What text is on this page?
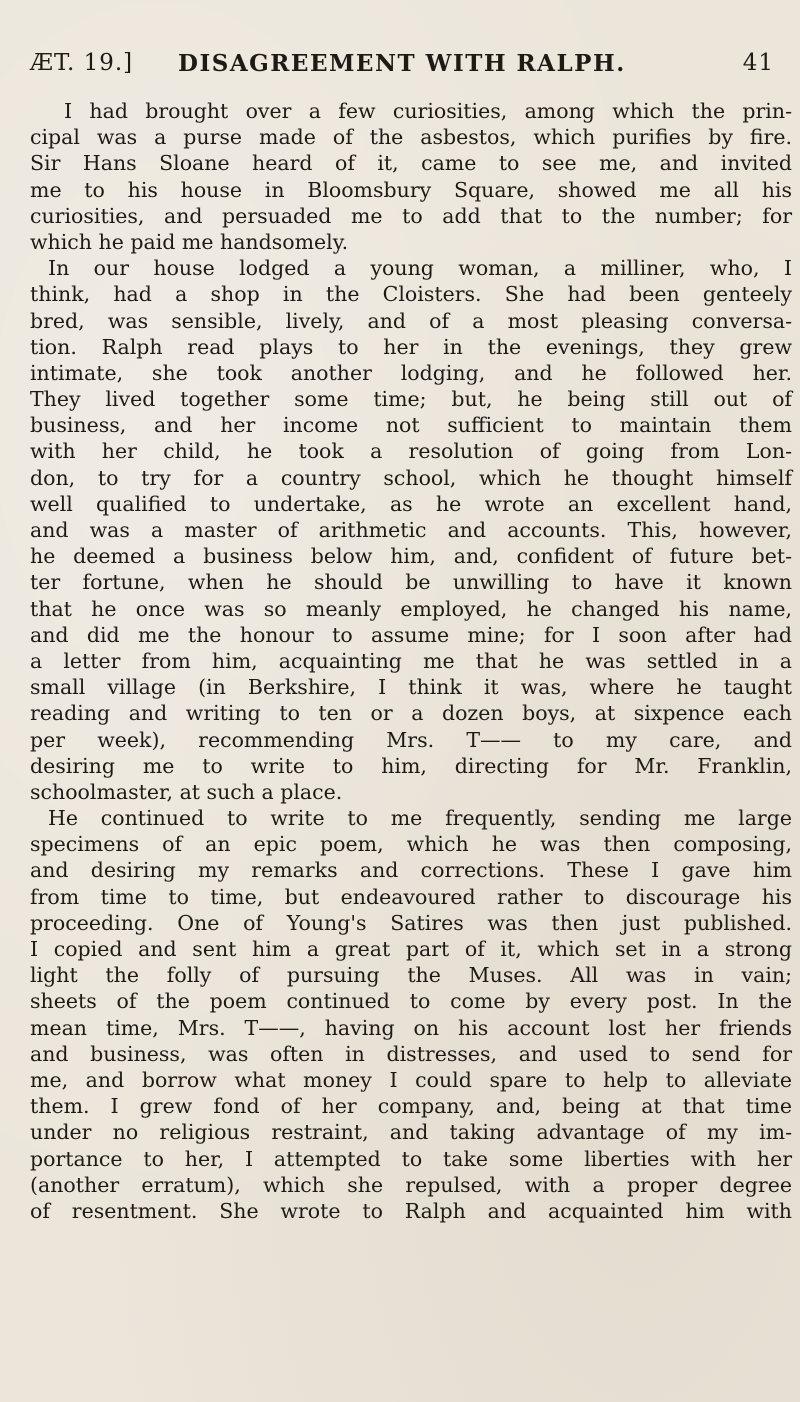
ÆT. 19.] DISAGREEMENT WITH RALPH.	41
I had brought over a few curiosities, among which the prin-
cipal was a purse made of the asbestos, which purifies by fire.
Sir Hans Sloane heard of it, came to see me, and invited
me to his house in Bloomsbury Square, showed me all his
curiosities, and persuaded me to add that to the number; for
which he paid me handsomely.
In our house lodged a young woman, a milliner, who, I
think, had a shop in the Cloisters. She had been genteely
bred, was sensible, lively, and of a most pleasing conversa-
tion. Ralph read plays to her in the evenings, they grew
intimate, she took another lodging, and he followed her.
They lived together some time; but, he being still out of
business, and her income not sufficient to maintain them
with her child, he took a resolution of going from Lon-
don, to try for a country school, which he thought himself
well qualified to undertake, as he wrote an excellent hand,
and was a master of arithmetic and accounts. This, however,
he deemed a business below him, and, confident of future bet-
ter fortune, when he should be unwilling to have it known
that he once was so meanly employed, he changed his name,
and did me the honour to assume mine; for I soon after had
a letter from him, acquainting me that he was settled in a
small village (in Berkshire, I think it was, where he taught
reading and writing to ten or a dozen boys, at sixpence each
per week), recommending Mrs. T—— to my care, and
desiring me to write to him, directing for Mr. Franklin,
schoolmaster, at such a place.
He continued to write to me frequently, sending me large
specimens of an epic poem, which he was then composing,
and desiring my remarks and corrections. These I gave him
from time to time, but endeavoured rather to discourage his
proceeding. One of Young's Satires was then just published.
I copied and sent him a great part of it, which set in a strong
light the folly of pursuing the Muses. All was in vain;
sheets of the poem continued to come by every post. In the
mean time, Mrs. T——, having on his account lost her friends
and business, was often in distresses, and used to send for
me, and borrow what money I could spare to help to alleviate
them. I grew fond of her company, and, being at that time
under no religious restraint, and taking advantage of my im-
portance to her, I attempted to take some liberties with her
(another erratum), which she repulsed, with a proper degree
of resentment. She wrote to Ralph and acquainted him with
